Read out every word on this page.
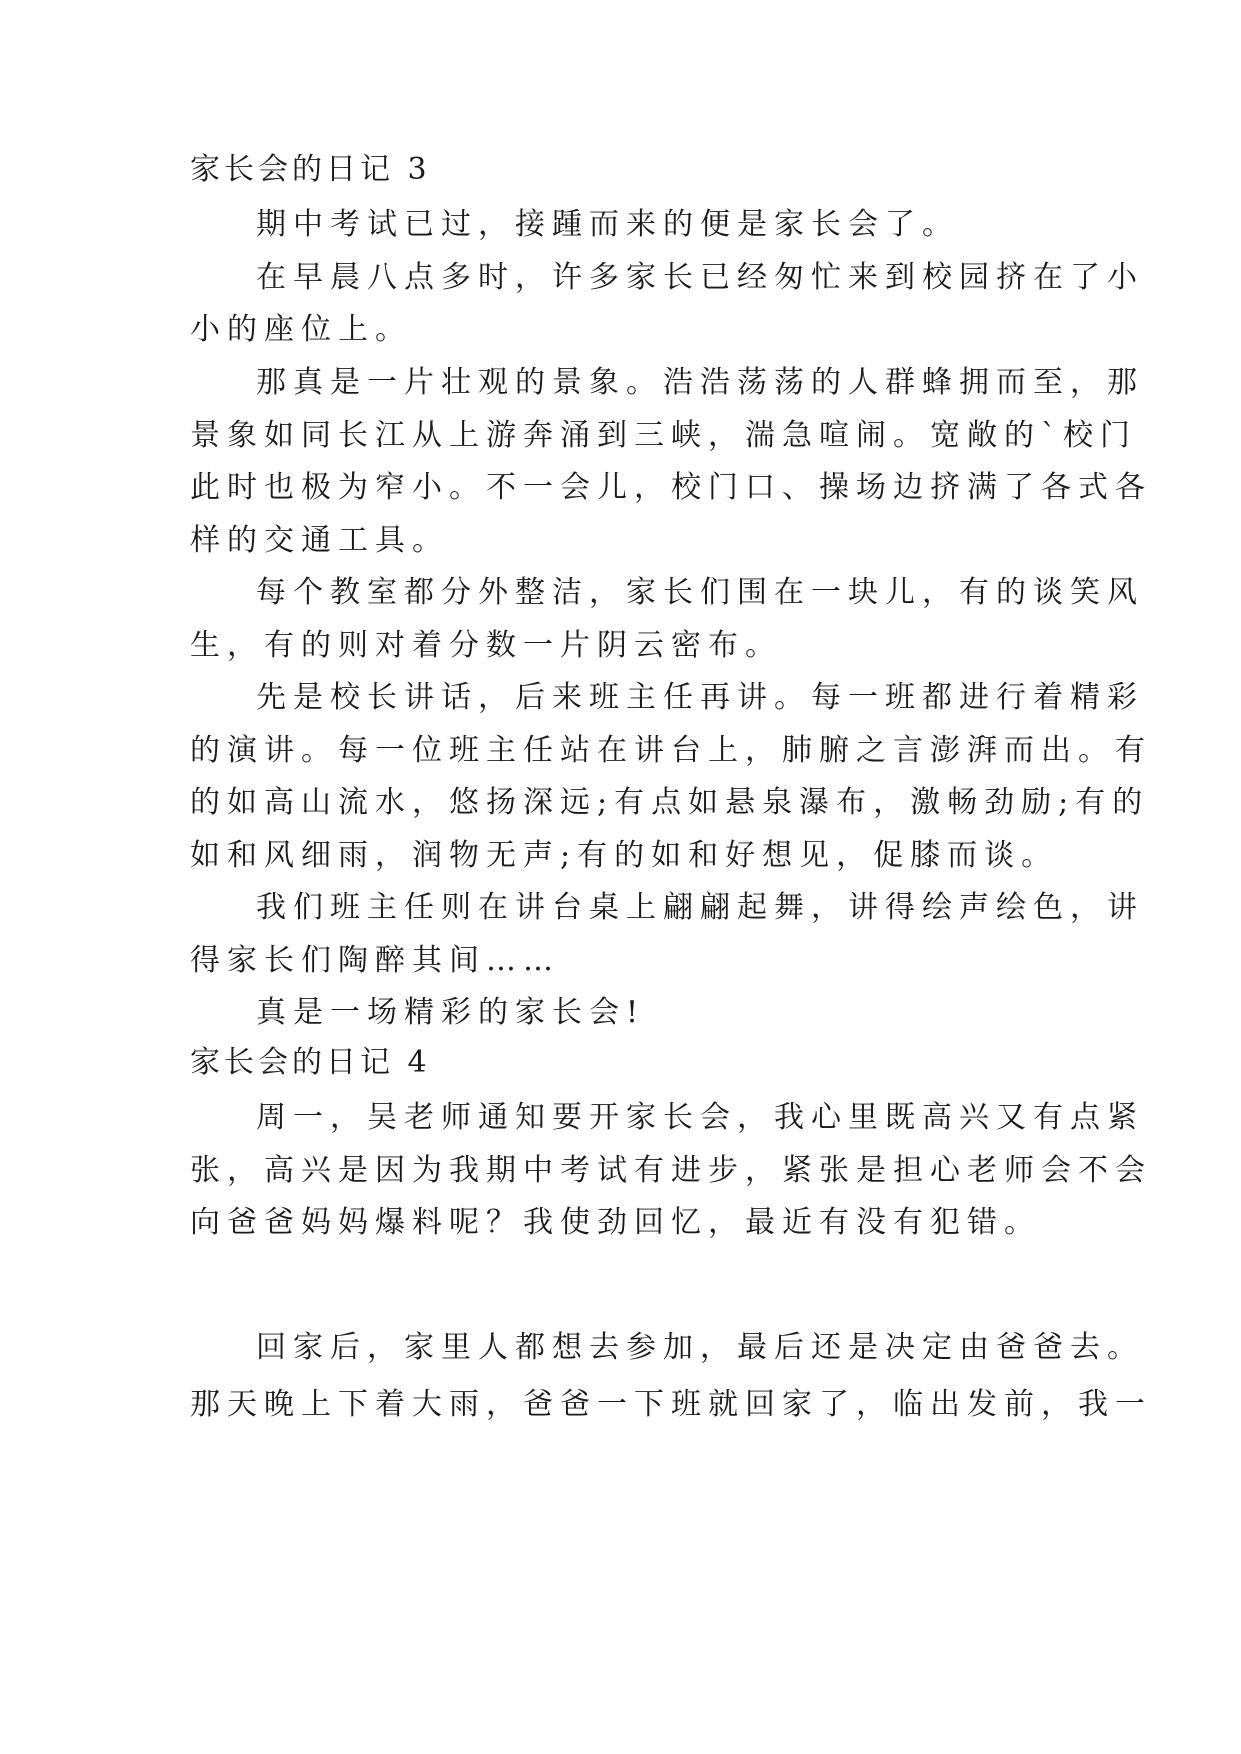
家长会的日记 3

期中考试已过，接踵而来的便是家长会了。

在早晨八点多时，许多家长已经匆忙来到校园挤在了小

小的座位上。

那真是一片壮观的景象。浩浩荡荡的人群蜂拥而至，那

景象如同长江从上游奔涌到三峡，湍急喧闹。宽敞的`校门

此时也极为窄小。不一会儿，校门口、操场边挤满了各式各

样的交通工具。

每个教室都分外整洁，家长们围在一块儿，有的谈笑风

生，有的则对着分数一片阴云密布。

先是校长讲话，后来班主任再讲。每一班都进行着精彩

的演讲。每一位班主任站在讲台上，肺腑之言澎湃而出。有

的如高山流水，悠扬深远;有点如悬泉瀑布，激畅劲励;有的

如和风细雨，润物无声;有的如和好想见，促膝而谈。

我们班主任则在讲台桌上翩翩起舞，讲得绘声绘色，讲

得家长们陶醉其间……

真是一场精彩的家长会!

家长会的日记 4

周一，吴老师通知要开家长会，我心里既高兴又有点紧

张，高兴是因为我期中考试有进步，紧张是担心老师会不会

向爸爸妈妈爆料呢？我使劲回忆，最近有没有犯错。

回家后，家里人都想去参加，最后还是决定由爸爸去。

那天晚上下着大雨，爸爸一下班就回家了，临出发前，我一
